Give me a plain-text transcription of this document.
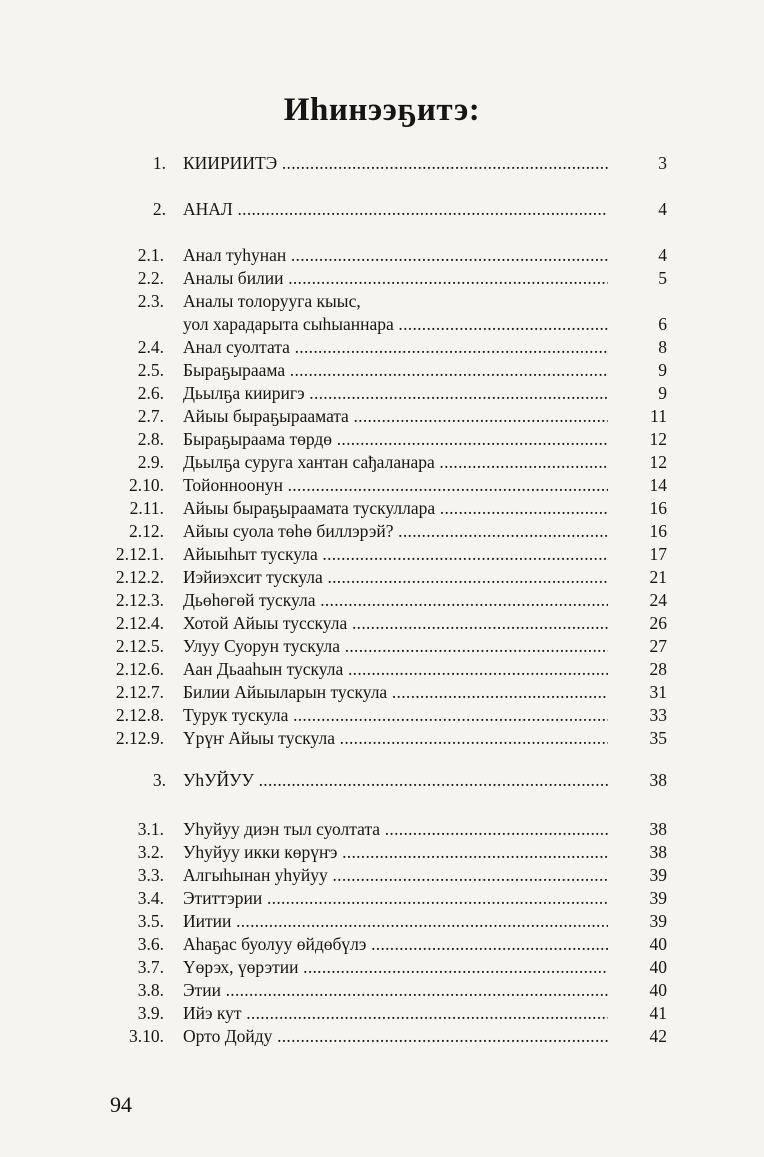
Иhинээҕитэ:
1. КИИРИИТЭ .....	3
2. АНАЛ .....	4
2.1. Анал туhунан .....	4
2.2. Аналы билии .....	5
2.3. Аналы толоруугa кыыс,
уол харадарыта сыhыаннара .....	6
2.4. Анал суолтата .....	8
2.5. Быраҕыраама .....	9
2.6. Дьылҕа кииригэ .....	9
2.7. Айыы быраҕырааматa .....	11
2.8. Быраҕыраама төрдө .....	12
2.9. Дьылҕа суруга хантан сађаланара .....	12
2.10. Тойонноонун .....	14
2.11. Айыы быраҕырааматa тускуллара .....	16
2.12. Айыы суола төhө биллэрэй? .....	16
2.12.1. Айыыhыт тускула .....	17
2.12.2. Иэйиэхсит тускула .....	21
2.12.3. Дьөhөгөй тускула .....	24
2.12.4. Хотой Айыы тусскула .....	26
2.12.5. Улуу Суорун тускула .....	27
2.12.6. Аан Дьааhын тускула .....	28
2.12.7. Билии Айыыларын тускула .....	31
2.12.8. Турук тускула .....	33
2.12.9. Үрүҥ Айыы тускула .....	35
3. УhУЙУУ .....	38
3.1. Уhуйуу диэн тыл суолтата .....	38
3.2. Уhуйуу икки көрүҥэ .....	38
3.3. Алгыhынан уhуйуу .....	39
3.4. Этиттэрии .....	39
3.5. Иитии .....	39
3.6. Аhаҕас буолуу өйдөбүлэ .....	40
3.7. Үөрэх, үөрэтии .....	40
3.8. Этии .....	40
3.9. Ийэ кут .....	41
3.10. Орто Дойду .....	42
94
